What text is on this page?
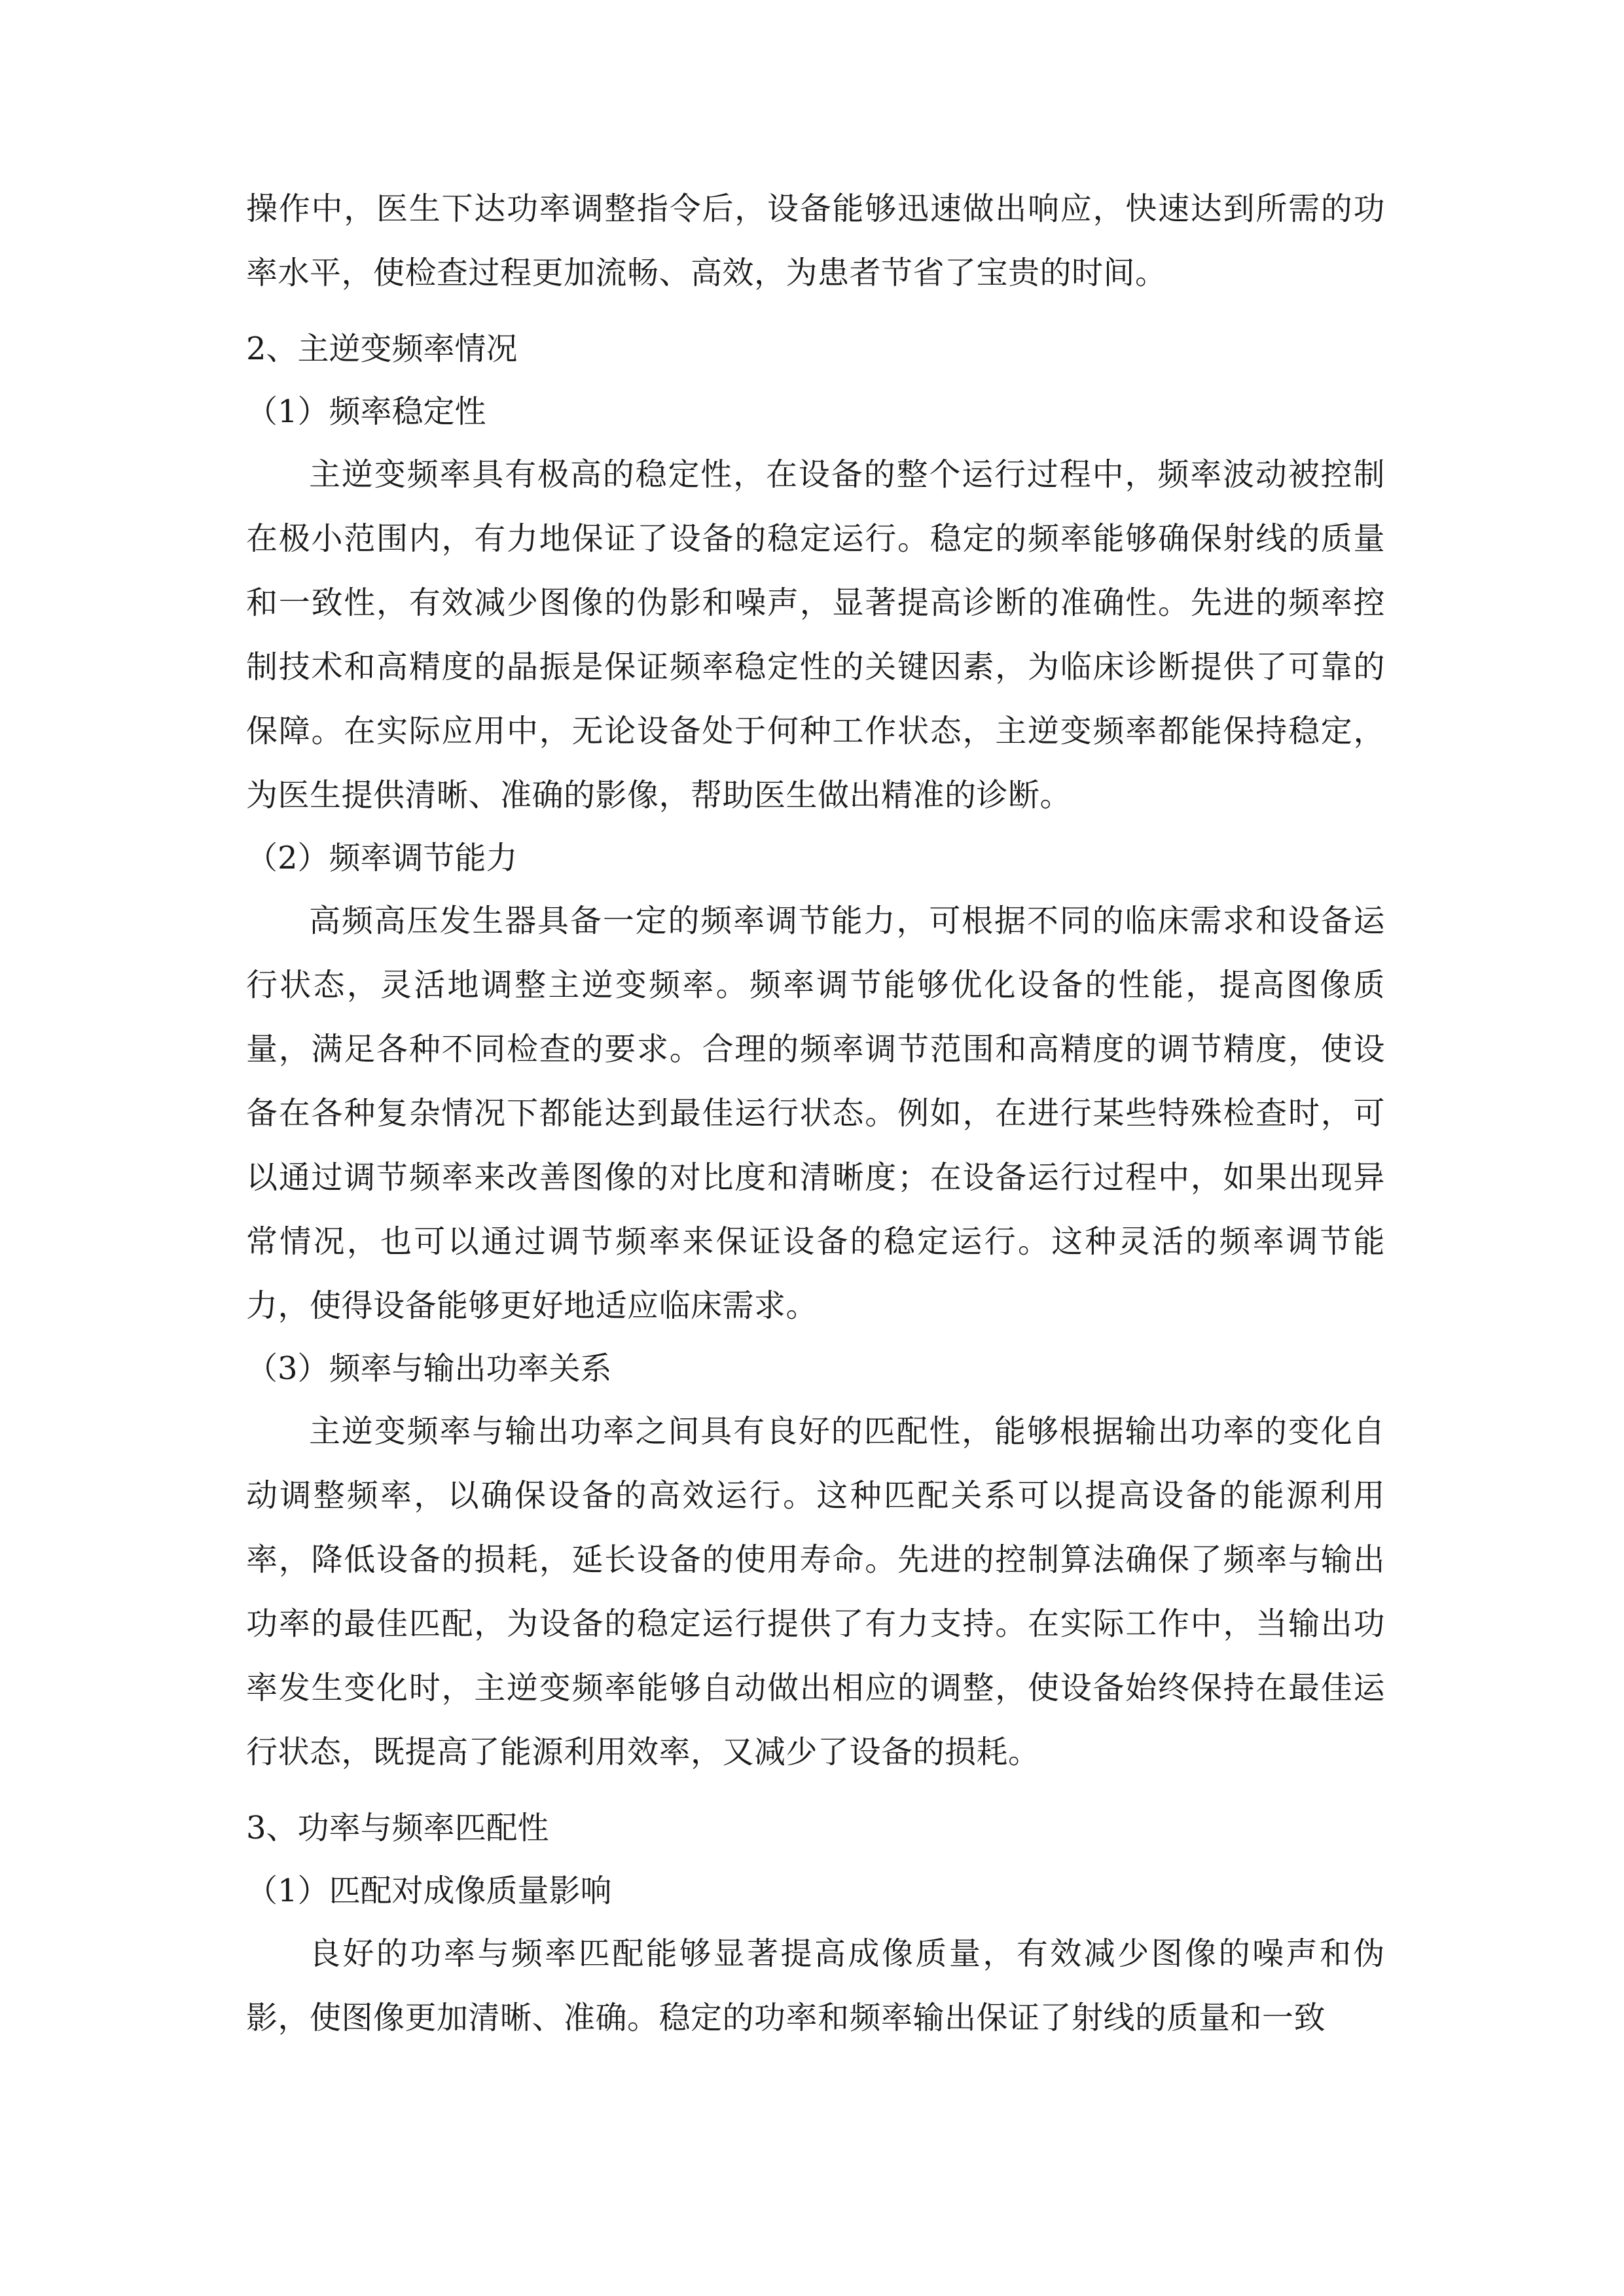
操作中，医生下达功率调整指令后，设备能够迅速做出响应，快速达到所需的功率水平，使检查过程更加流畅、高效，为患者节省了宝贵的时间。

2、主逆变频率情况

（1）频率稳定性

主逆变频率具有极高的稳定性，在设备的整个运行过程中，频率波动被控制在极小范围内，有力地保证了设备的稳定运行。稳定的频率能够确保射线的质量和一致性，有效减少图像的伪影和噪声，显著提高诊断的准确性。先进的频率控制技术和高精度的晶振是保证频率稳定性的关键因素，为临床诊断提供了可靠的保障。在实际应用中，无论设备处于何种工作状态，主逆变频率都能保持稳定，为医生提供清晰、准确的影像，帮助医生做出精准的诊断。

（2）频率调节能力

高频高压发生器具备一定的频率调节能力，可根据不同的临床需求和设备运行状态，灵活地调整主逆变频率。频率调节能够优化设备的性能，提高图像质量，满足各种不同检查的要求。合理的频率调节范围和高精度的调节精度，使设备在各种复杂情况下都能达到最佳运行状态。例如，在进行某些特殊检查时，可以通过调节频率来改善图像的对比度和清晰度；在设备运行过程中，如果出现异常情况，也可以通过调节频率来保证设备的稳定运行。这种灵活的频率调节能力，使得设备能够更好地适应临床需求。

（3）频率与输出功率关系

主逆变频率与输出功率之间具有良好的匹配性，能够根据输出功率的变化自动调整频率，以确保设备的高效运行。这种匹配关系可以提高设备的能源利用率，降低设备的损耗，延长设备的使用寿命。先进的控制算法确保了频率与输出功率的最佳匹配，为设备的稳定运行提供了有力支持。在实际工作中，当输出功率发生变化时，主逆变频率能够自动做出相应的调整，使设备始终保持在最佳运行状态，既提高了能源利用效率，又减少了设备的损耗。

3、功率与频率匹配性

（1）匹配对成像质量影响

良好的功率与频率匹配能够显著提高成像质量，有效减少图像的噪声和伪影，使图像更加清晰、准确。稳定的功率和频率输出保证了射线的质量和一致
